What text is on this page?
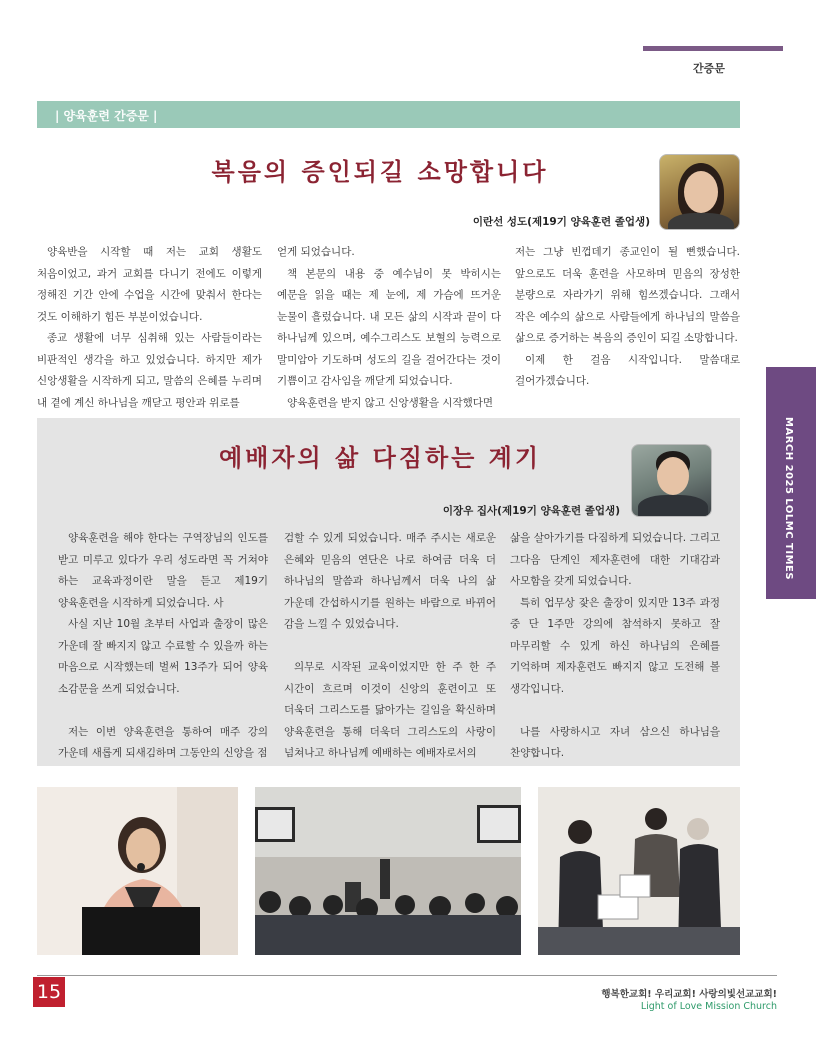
간증문
| 양육훈련 간증문 |
복음의 증인되길 소망합니다
이란선 성도(제19기 양육훈련 졸업생)

양육반을 시작할 때 저는 교회 생활도 처음이었고, 과거 교회를 다니기 전에도 이렇게 정해진 기간 안에 수업을 시간에 맞춰서 한다는 것도 이해하기 힘든 부분이었습니다.

종교 생활에 너무 심취해 있는 사람들이라는 비판적인 생각을 하고 있었습니다. 하지만 제가 신앙생활을 시작하게 되고, 말씀의 은혜를 누리며 내 곁에 계신 하나님을 깨닫고 평안과 위로를

얻게 되었습니다.

책 본문의 내용 중 예수님이 못 박히시는 예문을 읽을 때는 제 눈에, 제 가슴에 뜨거운 눈물이 흘렀습니다. 내 모든 삶의 시작과 끝이 다 하나님께 있으며, 예수그리스도 보혈의 능력으로 말미암아 기도하며 성도의 길을 걸어간다는 것이 기쁨이고 감사임을 깨닫게 되었습니다.

양육훈련을 받지 않고 신앙생활을 시작했다면

저는 그냥 빈껍데기 종교인이 될 뻔했습니다. 앞으로도 더욱 훈련을 사모하며 믿음의 장성한 분량으로 자라가기 위해 힘쓰겠습니다. 그래서 작은 예수의 삶으로 사람들에게 하나님의 말씀을 삶으로 증거하는 복음의 증인이 되길 소망합니다.

이제 한 걸음 시작입니다. 말씀대로 걸어가겠습니다.

MARCH 2025 LOLMC TIMES
예배자의 삶 다짐하는 계기
이장우 집사(제19기 양육훈련 졸업생)

양육훈련을 해야 한다는 구역장님의 인도를 받고 미루고 있다가 우리 성도라면 꼭 거쳐야 하는 교육과정이란 말을 듣고 제19기 양육훈련을 시작하게 되었습니다. 사

사실 지난 10월 초부터 사업과 출장이 많은 가운데 잘 빠지지 않고 수료할 수 있을까 하는 마음으로 시작했는데 벌써 13주가 되어 양육 소감문을 쓰게 되었습니다.

저는 이번 양육훈련을 통하여 매주 강의 가운데 새롭게 되새김하며 그동안의 신앙을 점

검할 수 있게 되었습니다. 매주 주시는 새로운 은혜와 믿음의 연단은 나로 하여금 더욱 더 하나님의 말씀과 하나님께서 더욱 나의 삶 가운데 간섭하시기를 원하는 바람으로 바뀌어 감을 느낄 수 있었습니다.

의무로 시작된 교육이었지만 한 주 한 주 시간이 흐르며 이것이 신앙의 훈련이고 또 더욱더 그리스도를 닮아가는 길임을 확신하며 양육훈련을 통해 더욱더 그리스도의 사랑이 넘쳐나고 하나님께 예배하는 예배자로서의

삶을 살아가기를 다짐하게 되었습니다. 그리고 그다음 단계인 제자훈련에 대한 기대감과 사모함을 갖게 되었습니다.

특히 업무상 잦은 출장이 있지만 13주 과정 중 단 1주만 강의에 참석하지 못하고 잘 마무리할 수 있게 하신 하나님의 은혜를 기억하며 제자훈련도 빠지지 않고 도전해 볼 생각입니다.

나를 사랑하시고 자녀 삼으신 하나님을 찬양합니다.

15	행복한교회! 우리교회! 사랑의빛선교교회!
Light of Love Mission Church
